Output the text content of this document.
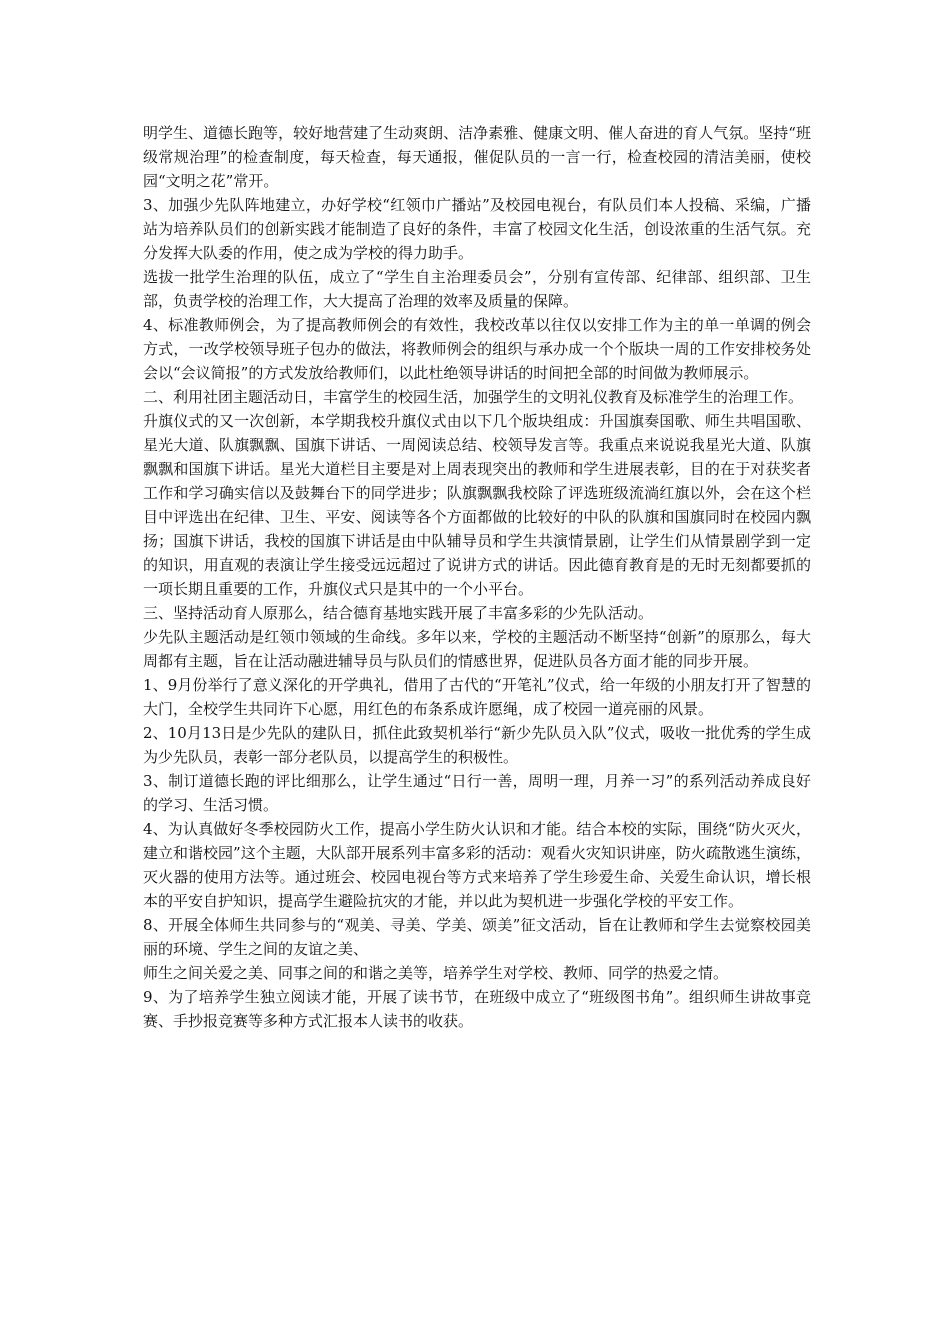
明学生、道德长跑等，较好地营建了生动爽朗、洁净素雅、健康文明、催人奋进的育人气氛。坚持“班级常规治理”的检查制度，每天检查，每天通报，催促队员的一言一行，检查校园的清洁美丽，使校园“文明之花”常开。

3、加强少先队阵地建立，办好学校“红领巾广播站”及校园电视台，有队员们本人投稿、采编，广播站为培养队员们的创新实践才能制造了良好的条件，丰富了校园文化生活，创设浓重的生活气氛。充分发挥大队委的作用，使之成为学校的得力助手。

选拔一批学生治理的队伍，成立了“学生自主治理委员会”，分别有宣传部、纪律部、组织部、卫生部，负责学校的治理工作，大大提高了治理的效率及质量的保障。

4、标准教师例会，为了提高教师例会的有效性，我校改革以往仅以安排工作为主的单一单调的例会方式，一改学校领导班子包办的做法，将教师例会的组织与承办成一个个版块一周的工作安排校务处会以“会议简报”的方式发放给教师们，以此杜绝领导讲话的时间把全部的时间做为教师展示。

二、利用社团主题活动日，丰富学生的校园生活，加强学生的文明礼仪教育及标准学生的治理工作。

升旗仪式的又一次创新，本学期我校升旗仪式由以下几个版块组成：升国旗奏国歌、师生共唱国歌、星光大道、队旗飘飘、国旗下讲话、一周阅读总结、校领导发言等。我重点来说说我星光大道、队旗飘飘和国旗下讲话。星光大道栏目主要是对上周表现突出的教师和学生进展表彰，目的在于对获奖者工作和学习确实信以及鼓舞台下的同学进步；队旗飘飘我校除了评选班级流淌红旗以外，会在这个栏目中评选出在纪律、卫生、平安、阅读等各个方面都做的比较好的中队的队旗和国旗同时在校园内飘扬；国旗下讲话，我校的国旗下讲话是由中队辅导员和学生共演情景剧，让学生们从情景剧学到一定的知识，用直观的表演让学生接受远远超过了说讲方式的讲话。因此德育教育是的无时无刻都要抓的一项长期且重要的工作，升旗仪式只是其中的一个小平台。

三、坚持活动育人原那么，结合德育基地实践开展了丰富多彩的少先队活动。

少先队主题活动是红领巾领域的生命线。多年以来，学校的主题活动不断坚持“创新”的原那么，每大周都有主题，旨在让活动融进辅导员与队员们的情感世界，促进队员各方面才能的同步开展。

1、9月份举行了意义深化的开学典礼，借用了古代的“开笔礼”仪式，给一年级的小朋友打开了智慧的大门，全校学生共同许下心愿，用红色的布条系成许愿绳，成了校园一道亮丽的风景。

2、10月13日是少先队的建队日，抓住此致契机举行“新少先队员入队”仪式，吸收一批优秀的学生成为少先队员，表彰一部分老队员，以提高学生的积极性。

3、制订道德长跑的评比细那么，让学生通过“日行一善，周明一理，月养一习”的系列活动养成良好的学习、生活习惯。

4、为认真做好冬季校园防火工作，提高小学生防火认识和才能。结合本校的实际，围绕“防火灭火，建立和谐校园”这个主题，大队部开展系列丰富多彩的活动：观看火灾知识讲座，防火疏散逃生演练，灭火器的使用方法等。通过班会、校园电视台等方式来培养了学生珍爱生命、关爱生命认识，增长根本的平安自护知识，提高学生避险抗灾的才能，并以此为契机进一步强化学校的平安工作。

8、开展全体师生共同参与的“观美、寻美、学美、颂美”征文活动，旨在让教师和学生去觉察校园美丽的环境、学生之间的友谊之美、

师生之间关爱之美、同事之间的和谐之美等，培养学生对学校、教师、同学的热爱之情。

9、为了培养学生独立阅读才能，开展了读书节，在班级中成立了“班级图书角”。组织师生讲故事竞赛、手抄报竞赛等多种方式汇报本人读书的收获。
